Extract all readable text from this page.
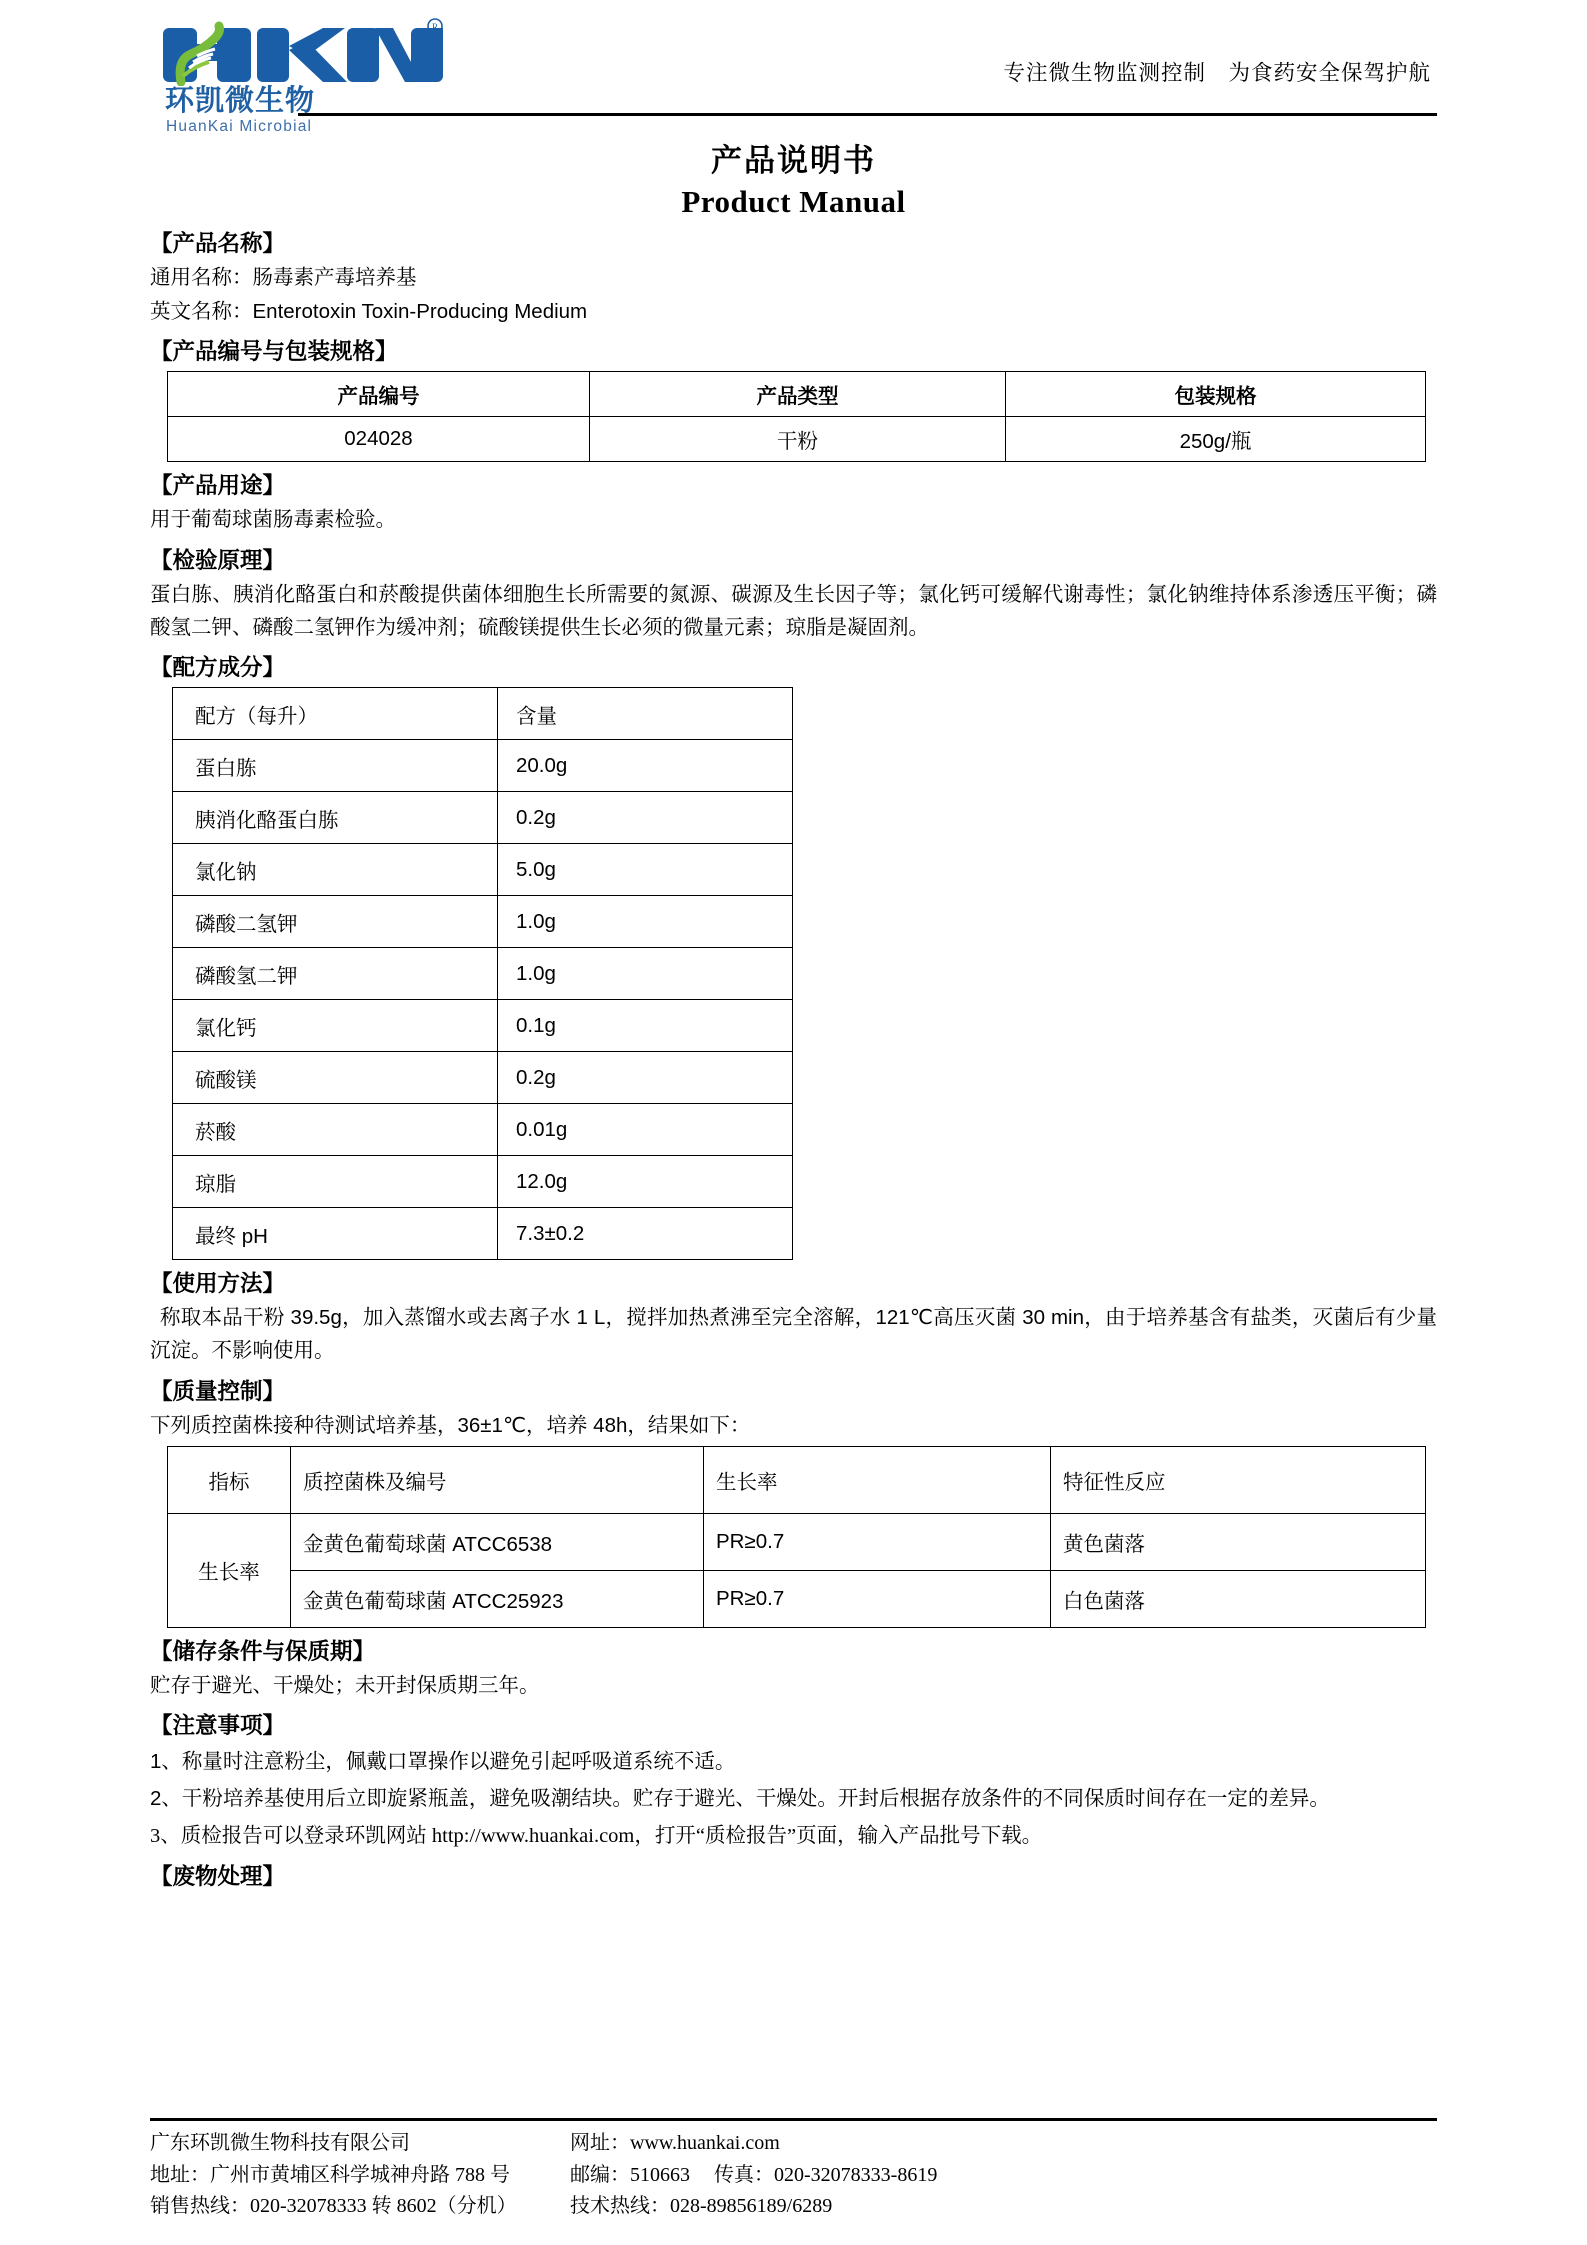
R
环凯微生物
HuanKai Microbial
专注微生物监测控制　为食药安全保驾护航
产品说明书
Product Manual
【产品名称】
通用名称：肠毒素产毒培养基
英文名称：Enterotoxin Toxin-Producing Medium
【产品编号与包装规格】
产品编号	产品类型	包装规格
024028	干粉	250g/瓶
【产品用途】
用于葡萄球菌肠毒素检验。
【检验原理】
蛋白胨、胰消化酪蛋白和菸酸提供菌体细胞生长所需要的氮源、碳源及生长因子等；氯化钙可缓解代谢毒性；氯化钠维持体系渗透压平衡；磷酸氢二钾、磷酸二氢钾作为缓冲剂；硫酸镁提供生长必须的微量元素；琼脂是凝固剂。
【配方成分】
配方（每升）	含量
蛋白胨	20.0g
胰消化酪蛋白胨	0.2g
氯化钠	5.0g
磷酸二氢钾	1.0g
磷酸氢二钾	1.0g
氯化钙	0.1g
硫酸镁	0.2g
菸酸	0.01g
琼脂	12.0g
最终 pH	7.3±0.2
【使用方法】
称取本品干粉 39.5g，加入蒸馏水或去离子水 1 L，搅拌加热煮沸至完全溶解，121℃高压灭菌 30 min，由于培养基含有盐类，灭菌后有少量沉淀。不影响使用。
【质量控制】
下列质控菌株接种待测试培养基，36±1℃，培养 48h，结果如下：
指标	质控菌株及编号	生长率	特征性反应
生长率	金黄色葡萄球菌 ATCC6538	PR≥0.7	黄色菌落
	金黄色葡萄球菌 ATCC25923	PR≥0.7	白色菌落
【储存条件与保质期】
贮存于避光、干燥处；未开封保质期三年。
【注意事项】
1、称量时注意粉尘，佩戴口罩操作以避免引起呼吸道系统不适。
2、干粉培养基使用后立即旋紧瓶盖，避免吸潮结块。贮存于避光、干燥处。开封后根据存放条件的不同保质时间存在一定的差异。
3、质检报告可以登录环凯网站 http://www.huankai.com，打开“质检报告”页面，输入产品批号下载。
【废物处理】
广东环凯微生物科技有限公司
地址：广州市黄埔区科学城神舟路 788 号
销售热线：020-32078333 转 8602（分机）
网址：www.huankai.com
邮编：510663 传真：020-32078333-8619
技术热线：028-89856189/6289
